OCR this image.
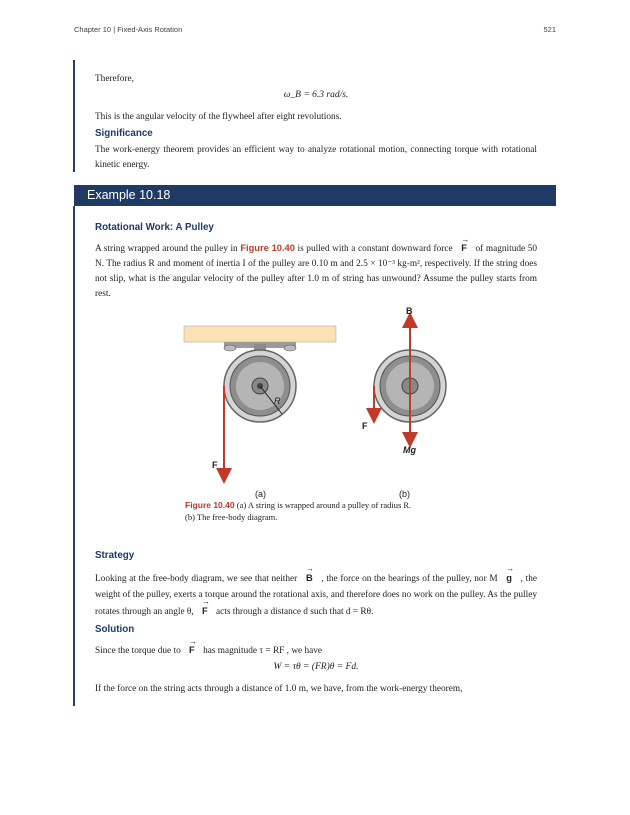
Chapter 10 | Fixed-Axis Rotation	521
Therefore,
ω_B = 6.3 rad/s.
This is the angular velocity of the flywheel after eight revolutions.
Significance
The work-energy theorem provides an efficient way to analyze rotational motion, connecting torque with rotational kinetic energy.
Example 10.18
Rotational Work: A Pulley
A string wrapped around the pulley in Figure 10.40 is pulled with a constant downward force → F of magnitude 50 N. The radius R and moment of inertia I of the pulley are 0.10 m and 2.5 × 10⁻³ kg-m², respectively. If the string does not slip, what is the angular velocity of the pulley after 1.0 m of string has unwound? Assume the pulley starts from rest.
R
F
(a)
B
Mg
F
(b)
Figure 10.40 (a) A string is wrapped around a pulley of radius R.
(b) The free-body diagram.
Strategy
Looking at the free-body diagram, we see that neither → B , the force on the bearings of the pulley, nor M → g , the weight of the pulley, exerts a torque around the rotational axis, and therefore does no work on the pulley. As the pulley rotates through an angle θ, → F acts through a distance d such that d = Rθ.
Solution
Since the torque due to → F has magnitude τ = RF , we have
W = τθ = (FR)θ = Fd.
If the force on the string acts through a distance of 1.0 m, we have, from the work-energy theorem,
